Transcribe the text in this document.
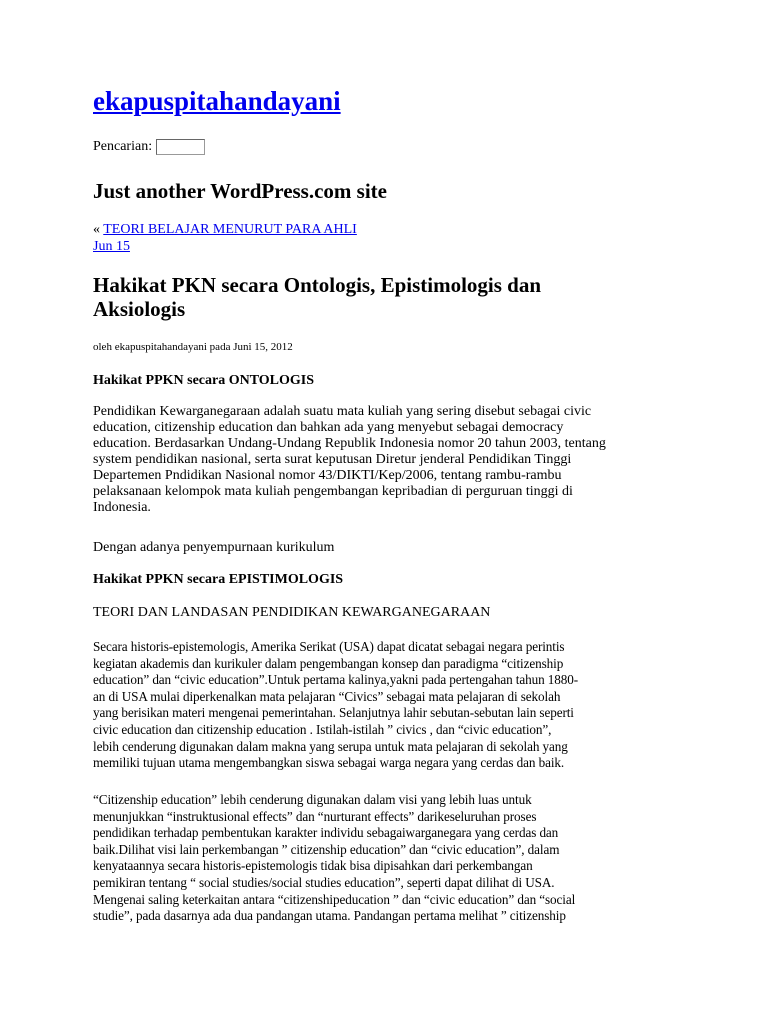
ekapuspitahandayani
Pencarian:
Just another WordPress.com site
« TEORI BELAJAR MENURUT PARA AHLI
Jun 15
Hakikat PKN secara Ontologis, Epistimologis dan Aksiologis
oleh ekapuspitahandayani pada Juni 15, 2012
Hakikat PPKN secara ONTOLOGIS
Pendidikan Kewarganegaraan adalah suatu mata kuliah yang sering disebut sebagai civic
education, citizenship education dan bahkan ada yang menyebut sebagai democracy
education. Berdasarkan Undang-Undang Republik Indonesia nomor 20 tahun 2003, tentang
system pendidikan nasional, serta surat keputusan Diretur jenderal Pendidikan Tinggi
Departemen Pndidikan Nasional nomor 43/DIKTI/Kep/2006, tentang rambu-rambu
pelaksanaan kelompok mata kuliah pengembangan kepribadian di perguruan tinggi di
Indonesia.
Dengan adanya penyempurnaan kurikulum
Hakikat PPKN secara EPISTIMOLOGIS
TEORI DAN LANDASAN PENDIDIKAN KEWARGANEGARAAN
Secara historis-epistemologis, Amerika Serikat (USA) dapat dicatat sebagai negara perintis
kegiatan akademis dan kurikuler dalam pengembangan konsep dan paradigma “citizenship
education” dan “civic education”.Untuk pertama kalinya,yakni pada pertengahan tahun 1880-
an di USA mulai diperkenalkan mata pelajaran “Civics” sebagai mata pelajaran di sekolah
yang berisikan materi mengenai pemerintahan. Selanjutnya lahir sebutan-sebutan lain seperti
civic education dan citizenship education . Istilah-istilah ” civics , dan “civic education”,
lebih cenderung digunakan dalam makna yang serupa untuk mata pelajaran di sekolah yang
memiliki tujuan utama mengembangkan siswa sebagai warga negara yang cerdas dan baik.
“Citizenship education” lebih cenderung digunakan dalam visi yang lebih luas untuk
menunjukkan “instruktusional effects” dan “nurturant effects” darikeseluruhan proses
pendidikan terhadap pembentukan karakter individu sebagaiwarganegara yang cerdas dan
baik.Dilihat visi lain perkembangan ” citizenship education” dan “civic education”, dalam
kenyataannya secara historis-epistemologis tidak bisa dipisahkan dari perkembangan
pemikiran tentang “ social studies/social studies education”, seperti dapat dilihat di USA.
Mengenai saling keterkaitan antara “citizenshipeducation ” dan “civic education” dan “social
studie”, pada dasarnya ada dua pandangan utama. Pandangan pertama melihat ” citizenship
